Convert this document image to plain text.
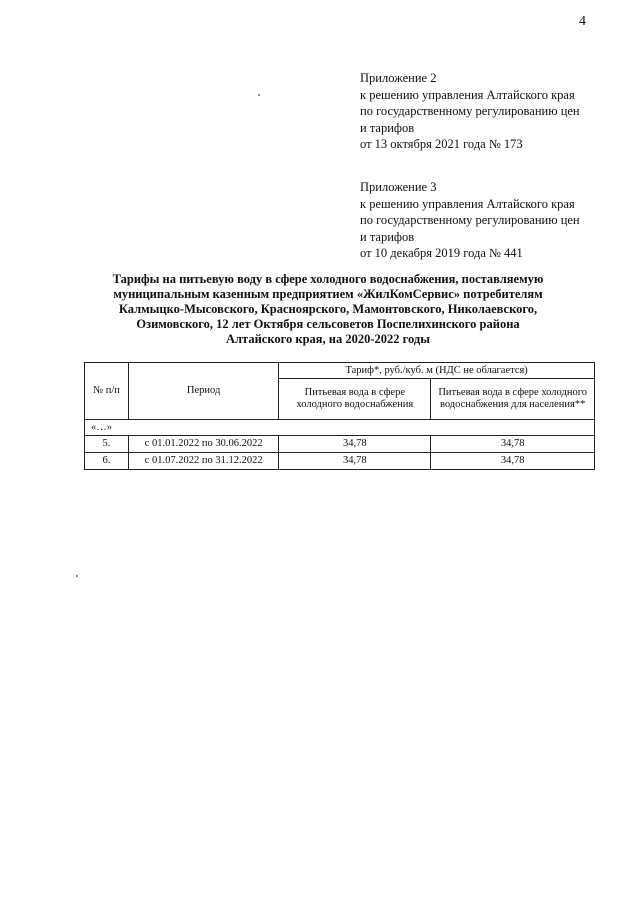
4
Приложение 2
к решению управления Алтайского края
по государственному регулированию цен
и тарифов
от 13 октября 2021 года № 173
Приложение 3
к решению управления Алтайского края
по государственному регулированию цен
и тарифов
от 10 декабря 2019 года № 441
Тарифы на питьевую воду в сфере холодного водоснабжения, поставляемую
муниципальным казенным предприятием «ЖилКомСервис» потребителям
Калмыцко-Мысовского, Краснoярского, Мамонтовского, Николаевского,
Озимовского, 12 лет Октября сельсоветов Поспелихинского района
Алтайского края, на 2020-2022 годы
№ п/п	Период	Тариф*, руб./куб. м (НДС не облагается)	
		Питьевая вода в сфере холодного водоснабжения	Питьевая вода в сфере холодного водоснабжения для населения**
«…»			
5.	с 01.01.2022 по 30.06.2022	34,78	34,78
6.	с 01.07.2022 по 31.12.2022	34,78	34,78
